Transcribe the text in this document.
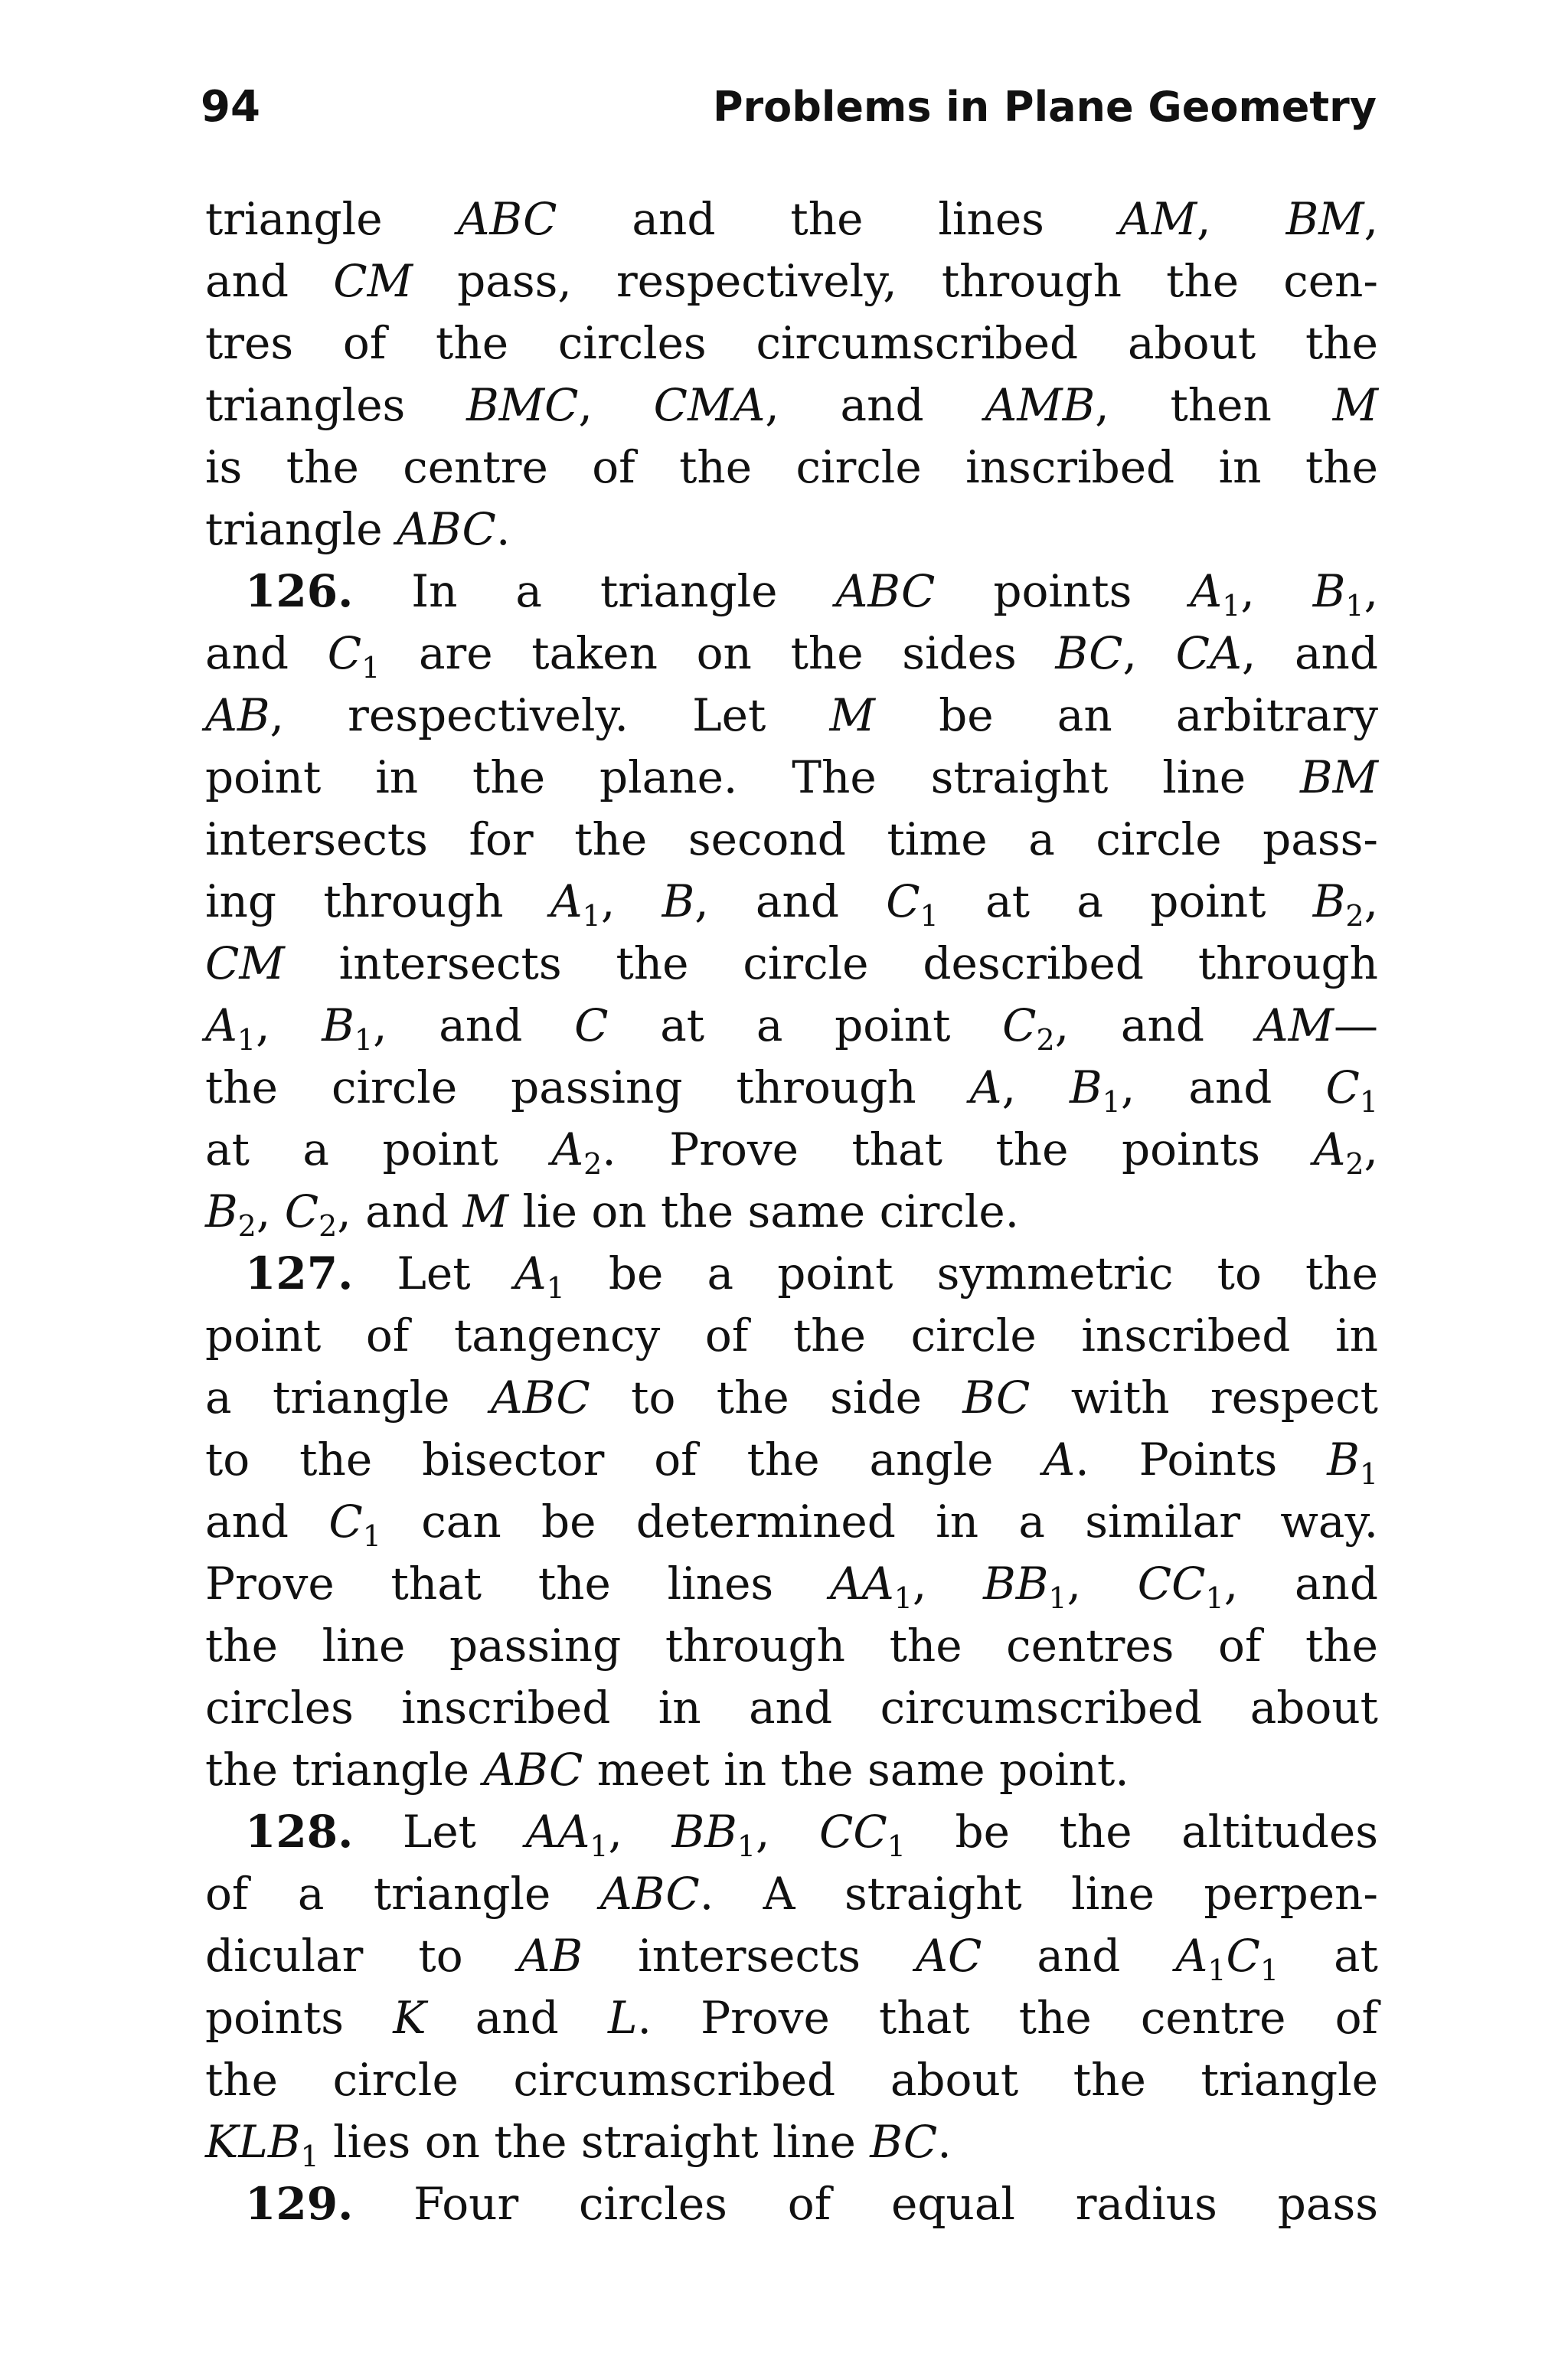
94	Problems in Plane Geometry
triangle ABC and the lines AM, BM,
and CM pass, respectively, through the cen-
tres of the circles circumscribed about the
triangles BMC, CMA, and AMB, then M
is the centre of the circle inscribed in the
triangle ABC.
126. In a triangle ABC points $A_1$, $B_1$,
and $C_1$ are taken on the sides BC, CA, and
AB, respectively. Let M be an arbitrary
point in the plane. The straight line BM
intersects for the second time a circle pass-
ing through $A_1$, B, and $C_1$ at a point $B_2$,
CM intersects the circle described through
$A_1$, $B_1$, and C at a point $C_2$, and AM—
the circle passing through A, $B_1$, and $C_1$
at a point $A_2$. Prove that the points $A_2$,
$B_2$, $C_2$, and M lie on the same circle.
127. Let $A_1$ be a point symmetric to the
point of tangency of the circle inscribed in
a triangle ABC to the side BC with respect
to the bisector of the angle A. Points $B_1$
and $C_1$ can be determined in a similar way.
Prove that the lines $AA_1$, $BB_1$, $CC_1$, and
the line passing through the centres of the
circles inscribed in and circumscribed about
the triangle ABC meet in the same point.
128. Let $AA_1$, $BB_1$, $CC_1$ be the altitudes
of a triangle ABC. A straight line perpen-
dicular to AB intersects AC and $A_1C_1$ at
points K and L. Prove that the centre of
the circle circumscribed about the triangle
$KLB_1$ lies on the straight line BC.
129. Four circles of equal radius pass
